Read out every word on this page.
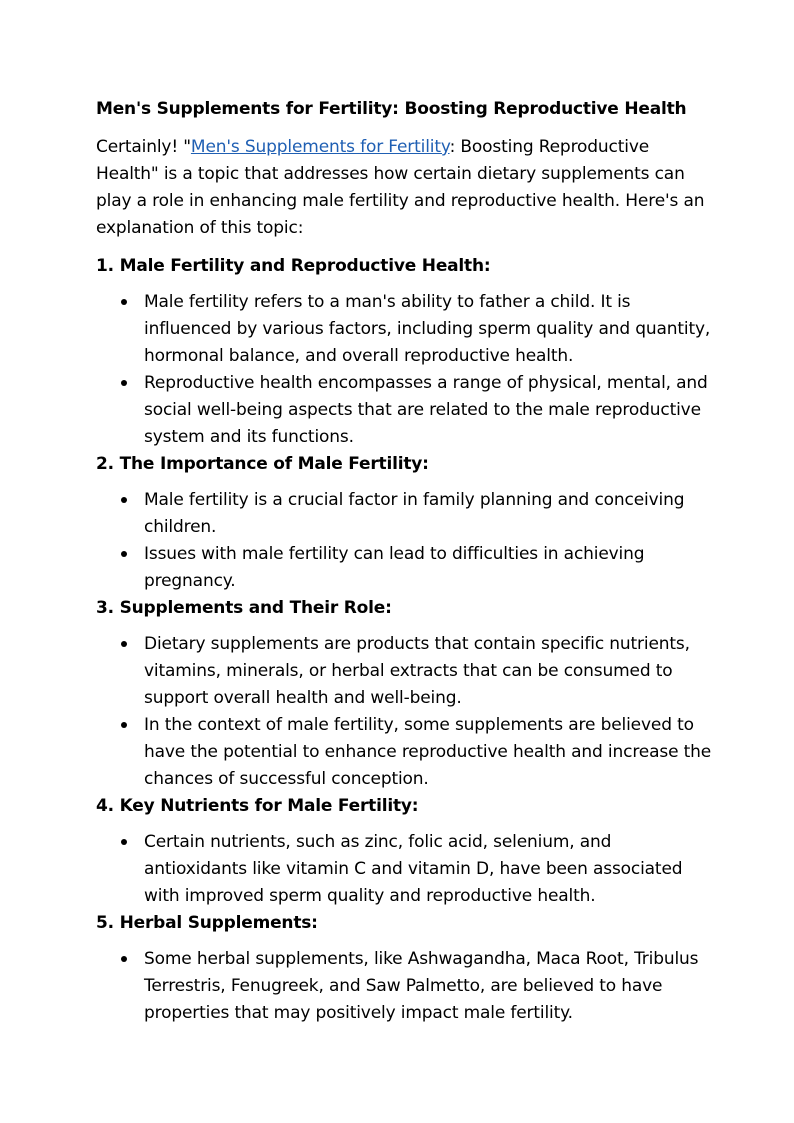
Men's Supplements for Fertility: Boosting Reproductive Health
Certainly! "Men's Supplements for Fertility: Boosting Reproductive
Health" is a topic that addresses how certain dietary supplements can
play a role in enhancing male fertility and reproductive health. Here's an
explanation of this topic:
1. Male Fertility and Reproductive Health:
Male fertility refers to a man's ability to father a child. It is
influenced by various factors, including sperm quality and quantity,
hormonal balance, and overall reproductive health.
Reproductive health encompasses a range of physical, mental, and
social well-being aspects that are related to the male reproductive
system and its functions.
2. The Importance of Male Fertility:
Male fertility is a crucial factor in family planning and conceiving
children.
Issues with male fertility can lead to difficulties in achieving
pregnancy.
3. Supplements and Their Role:
Dietary supplements are products that contain specific nutrients,
vitamins, minerals, or herbal extracts that can be consumed to
support overall health and well-being.
In the context of male fertility, some supplements are believed to
have the potential to enhance reproductive health and increase the
chances of successful conception.
4. Key Nutrients for Male Fertility:
Certain nutrients, such as zinc, folic acid, selenium, and
antioxidants like vitamin C and vitamin D, have been associated
with improved sperm quality and reproductive health.
5. Herbal Supplements:
Some herbal supplements, like Ashwagandha, Maca Root, Tribulus
Terrestris, Fenugreek, and Saw Palmetto, are believed to have
properties that may positively impact male fertility.
